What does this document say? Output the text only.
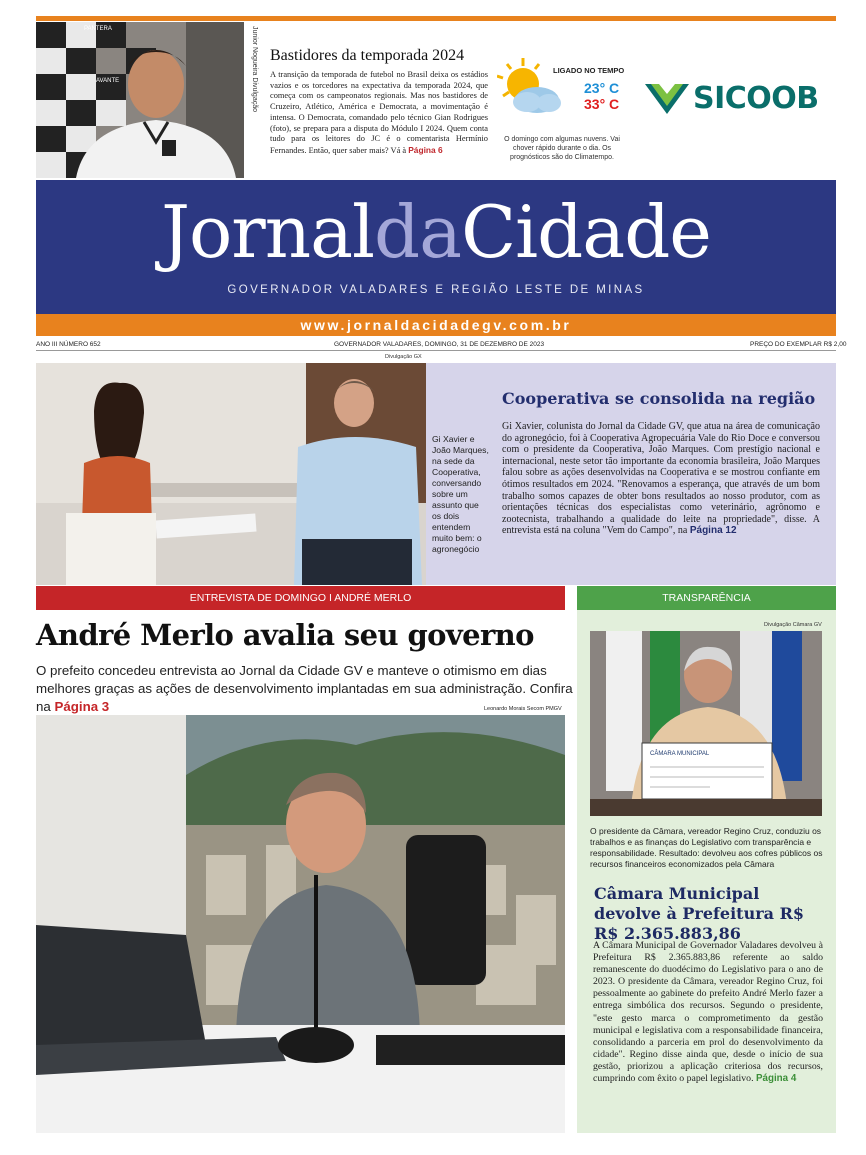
PANTERA
AVANTE	Junior Nogueira Divulgação Bastidores da temporada 2024
A transição da temporada de futebol no Brasil deixa os estádios vazios e os torcedores na expectativa da temporada 2024, que começa com os campeonatos regionais. Mas nos bastidores de Cruzeiro, Atlético, América e Democrata, a movimentação é intensa. O Democrata, comandado pelo técnico Gian Rodrigues (foto), se prepara para a disputa do Módulo I 2024. Quem conta tudo para os leitores do JC é o comentarista Hermínio Fernandes. Então, quer saber mais? Vá à Página 6
LIGADO NO TEMPO
23° C
33° C
O domingo com algumas nuvens. Vai chover rápido durante o dia. Os prognósticos são do Climatempo.
SICOOB
JornaldaCidade
GOVERNADOR VALADARES E REGIÃO LESTE DE MINAS
www.jornaldacidadegv.com.br
ANO III NÚMERO 652	GOVERNADOR VALADARES, DOMINGO, 31 DE DEZEMBRO DE 2023	PREÇO DO EXEMPLAR R$ 2,00
Divulgação GX
Gi Xavier e João Marques, na sede da Cooperativa, conversando sobre um assunto que os dois entendem muito bem: o agronegócio
Cooperativa se consolida na região
Gi Xavier, colunista do Jornal da Cidade GV, que atua na área de comunicação do agronegócio, foi à Cooperativa Agropecuária Vale do Rio Doce e conversou com o presidente da Cooperativa, João Marques. Com prestígio nacional e internacional, neste setor tão importante da economia brasileira, João Marques falou sobre as ações desenvolvidas na Cooperativa e se mostrou confiante em ótimos resultados em 2024. "Renovamos a esperança, que através de um bom trabalho somos capazes de obter bons resultados ao nosso produtor, com as orientações técnicas dos especialistas como veterinário, agrônomo e zootecnista, trabalhando a qualidade do leite na propriedade", disse. A entrevista está na coluna "Vem do Campo", na Página 12
ENTREVISTA DE DOMINGO I ANDRÉ MERLO	TRANSPARÊNCIA
André Merlo avalia seu governo
O prefeito concedeu entrevista ao Jornal da Cidade GV e manteve o otimismo em dias melhores graças as ações de desenvolvimento implantadas em sua administração. Confira na Página 3	Leonardo Morais Secom PMGV
Divulgação Câmara GV
CÂMARA MUNICIPAL
O presidente da Câmara, vereador Regino Cruz, conduziu os trabalhos e as finanças do Legislativo com transparência e responsabilidade. Resultado: devolveu aos cofres públicos os recursos financeiros economizados pela Câmara
Câmara Municipal devolve à Prefeitura R$ R$ 2.365.883,86
A Câmara Municipal de Governador Valadares devolveu à Prefeitura R$ 2.365.883,86 referente ao saldo remanescente do duodécimo do Legislativo para o ano de 2023. O presidente da Câmara, vereador Regino Cruz, foi pessoalmente ao gabinete do prefeito André Merlo fazer a entrega simbólica dos recursos. Segundo o presidente, "este gesto marca o comprometimento da gestão municipal e legislativa com a responsabilidade financeira, consolidando a parceria em prol do desenvolvimento da cidade". Regino disse ainda que, desde o início de sua gestão, priorizou a aplicação criteriosa dos recursos, cumprindo com êxito o papel legislativo. Página 4
